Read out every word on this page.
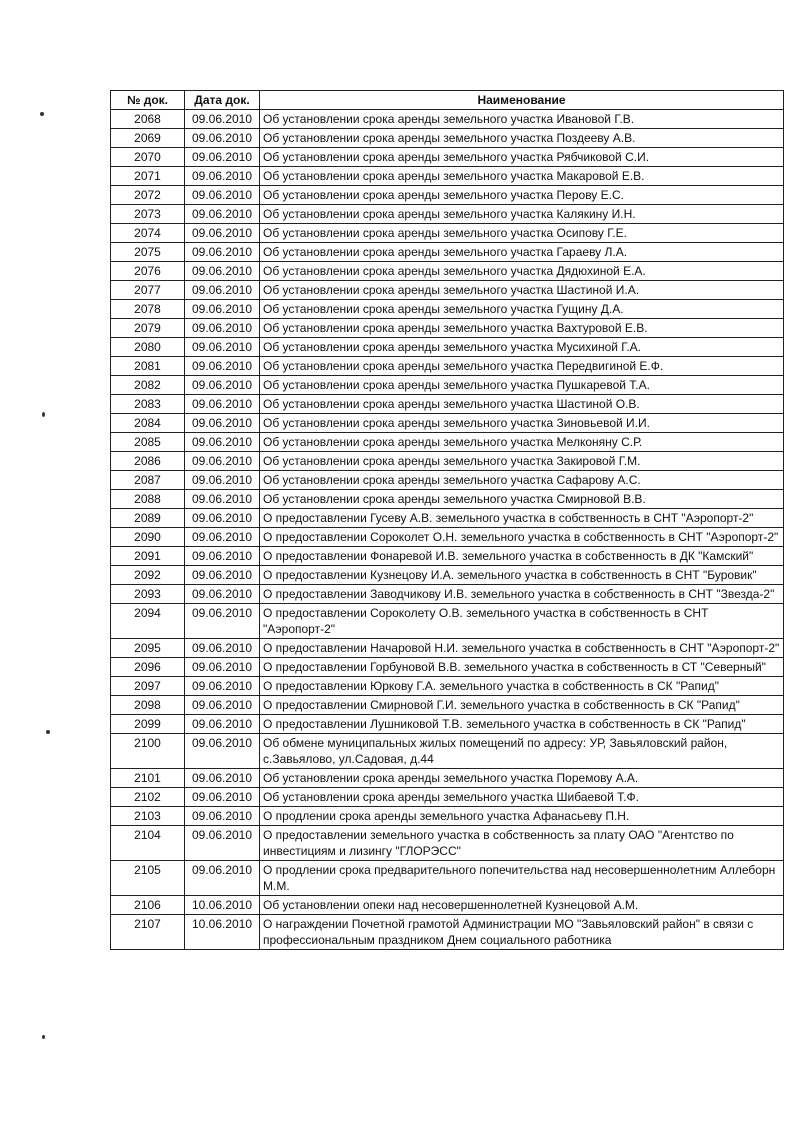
№ док.	Дата док.	Наименование
2068	09.06.2010	Об установлении срока аренды земельного участка Ивановой Г.В.
2069	09.06.2010	Об установлении срока аренды земельного участка Поздееву А.В.
2070	09.06.2010	Об установлении срока аренды земельного участка Рябчиковой С.И.
2071	09.06.2010	Об установлении срока аренды земельного участка Макаровой Е.В.
2072	09.06.2010	Об установлении срока аренды земельного участка Перову Е.С.
2073	09.06.2010	Об установлении срока аренды земельного участка Калякину И.Н.
2074	09.06.2010	Об установлении срока аренды земельного участка Осипову Г.Е.
2075	09.06.2010	Об установлении срока аренды земельного участка Гараеву Л.А.
2076	09.06.2010	Об установлении срока аренды земельного участка Дядюхиной Е.А.
2077	09.06.2010	Об установлении срока аренды земельного участка Шастиной И.А.
2078	09.06.2010	Об установлении срока аренды земельного участка Гущину Д.А.
2079	09.06.2010	Об установлении срока аренды земельного участка Вахтуровой Е.В.
2080	09.06.2010	Об установлении срока аренды земельного участка Мусихиной Г.А.
2081	09.06.2010	Об установлении срока аренды земельного участка Передвигиной Е.Ф.
2082	09.06.2010	Об установлении срока аренды земельного участка Пушкаревой Т.А.
2083	09.06.2010	Об установлении срока аренды земельного участка Шастиной О.В.
2084	09.06.2010	Об установлении срока аренды земельного участка Зиновьевой И.И.
2085	09.06.2010	Об установлении срока аренды земельного участка Мелконяну С.Р.
2086	09.06.2010	Об установлении срока аренды земельного участка Закировой Г.М.
2087	09.06.2010	Об установлении срока аренды земельного участка Сафарову А.С.
2088	09.06.2010	Об установлении срока аренды земельного участка Смирновой В.В.
2089	09.06.2010	О предоставлении Гусеву А.В. земельного участка в собственность в СНТ "Аэропорт-2"
2090	09.06.2010	О предоставлении Сороколет О.Н. земельного участка в собственность в СНТ "Аэропорт-2"
2091	09.06.2010	О предоставлении Фонаревой И.В. земельного участка в собственность в ДК "Камский"
2092	09.06.2010	О предоставлении Кузнецову И.А. земельного участка в собственность в СНТ "Буровик"
2093	09.06.2010	О предоставлении Заводчикову И.В. земельного участка в собственность в СНТ "Звезда-2"
2094	09.06.2010	О предоставлении Сороколету О.В. земельного участка в собственность в СНТ "Аэропорт-2"
2095	09.06.2010	О предоставлении Начаровой Н.И. земельного участка в собственность в СНТ "Аэропорт-2"
2096	09.06.2010	О предоставлении Горбуновой В.В. земельного участка в собственность в СТ "Северный"
2097	09.06.2010	О предоставлении Юркову Г.А. земельного участка в собственность в СК "Рапид"
2098	09.06.2010	О предоставлении Смирновой Г.И. земельного участка в собственность в СК "Рапид"
2099	09.06.2010	О предоставлении Лушниковой Т.В. земельного участка в собственность в СК "Рапид"
2100	09.06.2010	Об обмене муниципальных жилых помещений по адресу: УР, Завьяловский район, с.Завьялово, ул.Садовая, д.44
2101	09.06.2010	Об установлении срока аренды земельного участка Поремову А.А.
2102	09.06.2010	Об установлении срока аренды земельного участка Шибаевой Т.Ф.
2103	09.06.2010	О продлении срока аренды земельного участка Афанасьеву П.Н.
2104	09.06.2010	О предоставлении земельного участка в собственность за плату ОАО "Агентство по инвестициям и лизингу "ГЛОРЭСС"
2105	09.06.2010	О продлении срока предварительного попечительства над несовершеннолетним Аллеборн М.М.
2106	10.06.2010	Об установлении опеки над несовершеннолетней Кузнецовой А.М.
2107	10.06.2010	О награждении Почетной грамотой Администрации МО "Завьяловский район" в связи с профессиональным праздником Днем социального работника
